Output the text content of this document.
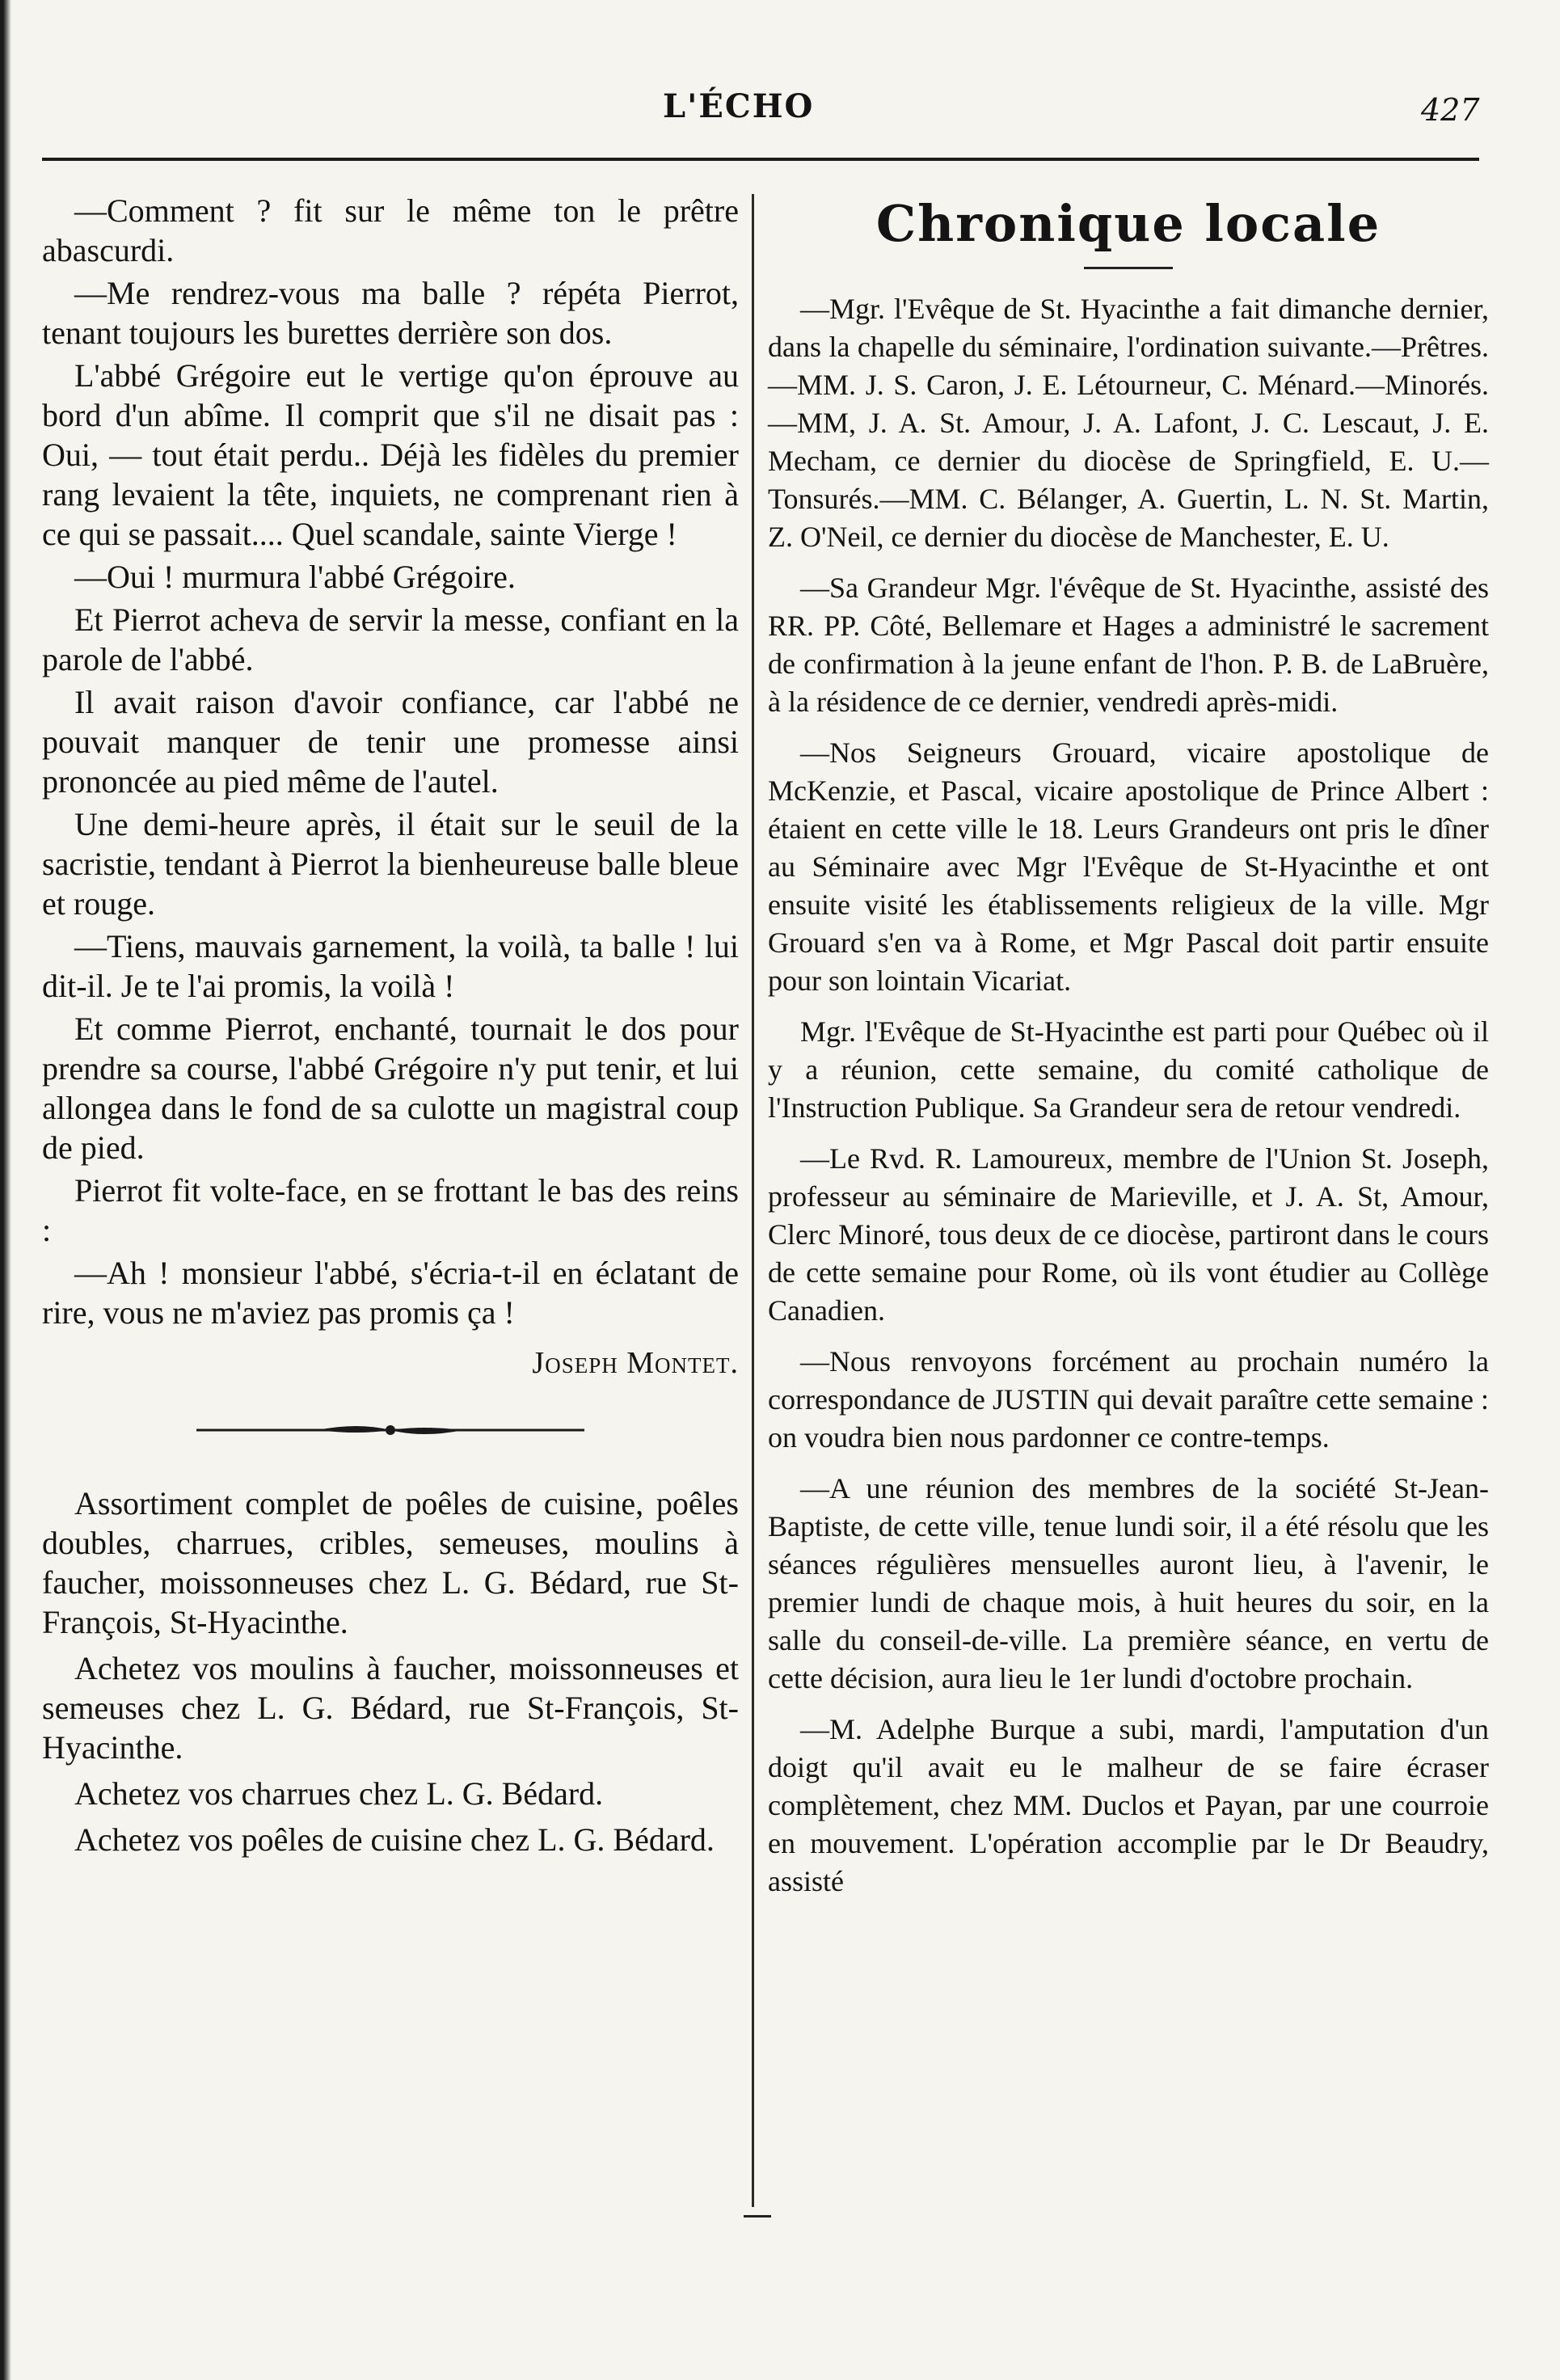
L'ÉCHO	427

—Comment ? fit sur le même ton le prêtre abascurdi.

—Me rendrez-vous ma balle ? répéta Pierrot, tenant toujours les burettes derrière son dos.

L'abbé Grégoire eut le vertige qu'on éprouve au bord d'un abîme. Il comprit que s'il ne disait pas : Oui, — tout était perdu.. Déjà les fidèles du premier rang levaient la tête, inquiets, ne comprenant rien à ce qui se passait.... Quel scandale, sainte Vierge !

—Oui ! murmura l'abbé Grégoire.

Et Pierrot acheva de servir la messe, confiant en la parole de l'abbé.

Il avait raison d'avoir confiance, car l'abbé ne pouvait manquer de tenir une promesse ainsi prononcée au pied même de l'autel.

Une demi-heure après, il était sur le seuil de la sacristie, tendant à Pierrot la bienheureuse balle bleue et rouge.

—Tiens, mauvais garnement, la voilà, ta balle ! lui dit-il. Je te l'ai promis, la voilà !

Et comme Pierrot, enchanté, tournait le dos pour prendre sa course, l'abbé Grégoire n'y put tenir, et lui allongea dans le fond de sa culotte un magistral coup de pied.

Pierrot fit volte-face, en se frottant le bas des reins :

—Ah ! monsieur l'abbé, s'écria-t-il en éclatant de rire, vous ne m'aviez pas promis ça !

Joseph Montet.

Assortiment complet de poêles de cuisine, poêles doubles, charrues, cribles, semeuses, moulins à faucher, moissonneuses chez L. G. Bédard, rue St-François, St-Hyacinthe.

Achetez vos moulins à faucher, moissonneuses et semeuses chez L. G. Bédard, rue St-François, St-Hyacinthe.

Achetez vos charrues chez L. G. Bédard.

Achetez vos poêles de cuisine chez L. G. Bédard.

Chronique locale

—Mgr. l'Evêque de St. Hyacinthe a fait dimanche dernier, dans la chapelle du séminaire, l'ordination suivante.—Prêtres.—MM. J. S. Caron, J. E. Létourneur, C. Ménard.—Minorés.—MM, J. A. St. Amour, J. A. Lafont, J. C. Lescaut, J. E. Mecham, ce dernier du diocèse de Springfield, E. U.—Tonsurés.—MM. C. Bélanger, A. Guertin, L. N. St. Martin, Z. O'Neil, ce dernier du diocèse de Manchester, E. U.

—Sa Grandeur Mgr. l'évêque de St. Hyacinthe, assisté des RR. PP. Côté, Bellemare et Hages a administré le sacrement de confirmation à la jeune enfant de l'hon. P. B. de LaBruère, à la résidence de ce dernier, vendredi après-midi.

—Nos Seigneurs Grouard, vicaire apostolique de McKenzie, et Pascal, vicaire apostolique de Prince Albert : étaient en cette ville le 18. Leurs Grandeurs ont pris le dîner au Séminaire avec Mgr l'Evêque de St-Hyacinthe et ont ensuite visité les établissements religieux de la ville. Mgr Grouard s'en va à Rome, et Mgr Pascal doit partir ensuite pour son lointain Vicariat.

Mgr. l'Evêque de St-Hyacinthe est parti pour Québec où il y a réunion, cette semaine, du comité catholique de l'Instruction Publique. Sa Grandeur sera de retour vendredi.

—Le Rvd. R. Lamoureux, membre de l'Union St. Joseph, professeur au séminaire de Marieville, et J. A. St, Amour, Clerc Minoré, tous deux de ce diocèse, partiront dans le cours de cette semaine pour Rome, où ils vont étudier au Collège Canadien.

—Nous renvoyons forcément au prochain numéro la correspondance de JUSTIN qui devait paraître cette semaine : on voudra bien nous pardonner ce contre-temps.

—A une réunion des membres de la société St-Jean-Baptiste, de cette ville, tenue lundi soir, il a été résolu que les séances régulières mensuelles auront lieu, à l'avenir, le premier lundi de chaque mois, à huit heures du soir, en la salle du conseil-de-ville. La première séance, en vertu de cette décision, aura lieu le 1er lundi d'octobre prochain.

—M. Adelphe Burque a subi, mardi, l'amputation d'un doigt qu'il avait eu le malheur de se faire écraser complètement, chez MM. Duclos et Payan, par une courroie en mouvement. L'opération accomplie par le Dr Beaudry, assisté
